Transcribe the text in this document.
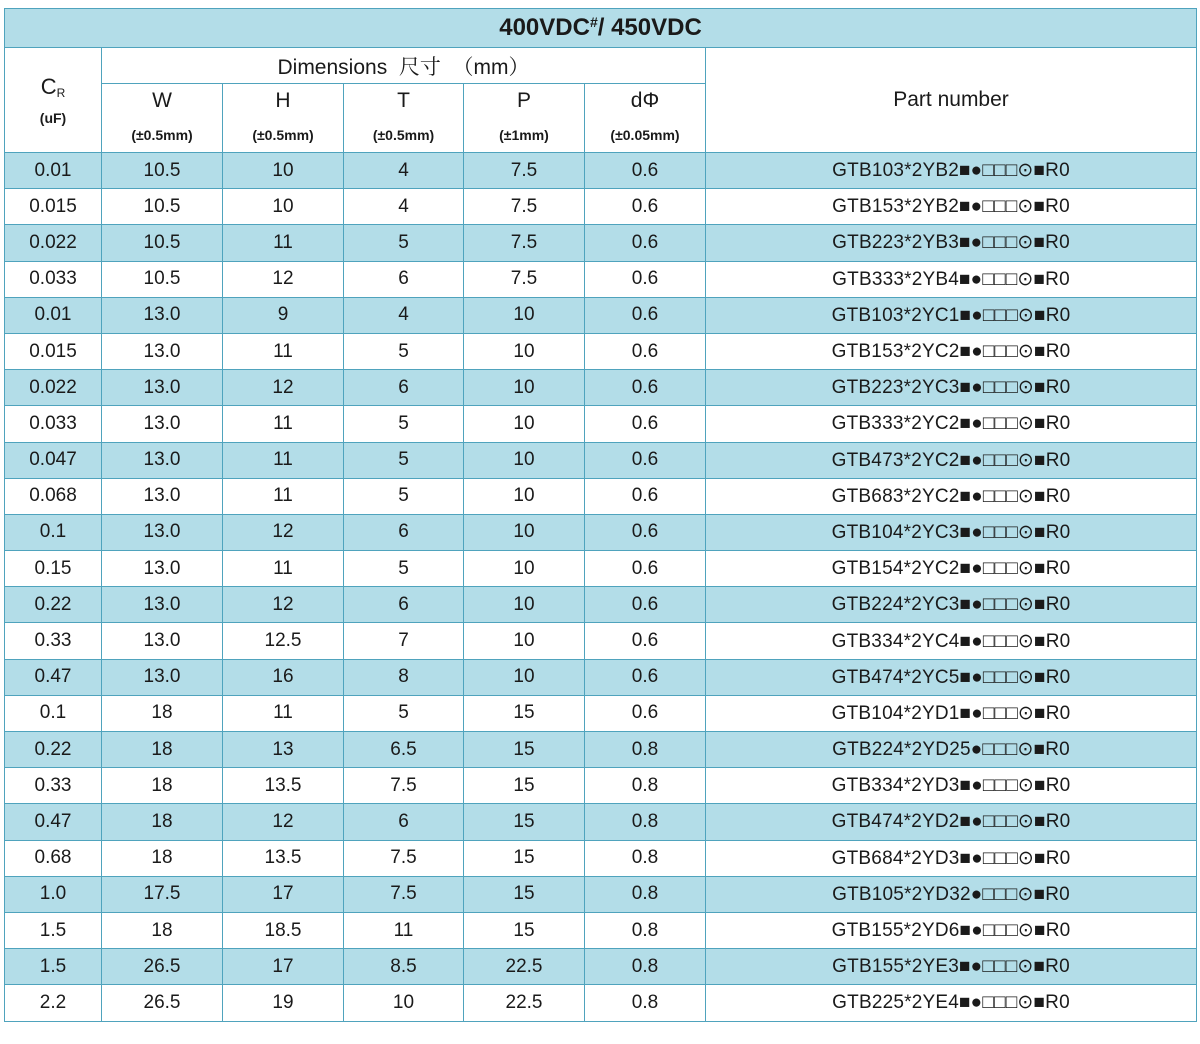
400VDC#/ 450VDC						

CR
(uF)	Dimensions  尺寸  （mm）					Part number
	W	H	T	P	dΦ	
	(±0.5mm)	(±0.5mm)	(±0.5mm)	(±1mm)	(±0.05mm)	
0.01	10.5	10	4	7.5	0.6	GTB103*2YB2■●□□□⊙■R0
0.015	10.5	10	4	7.5	0.6	GTB153*2YB2■●□□□⊙■R0
0.022	10.5	11	5	7.5	0.6	GTB223*2YB3■●□□□⊙■R0
0.033	10.5	12	6	7.5	0.6	GTB333*2YB4■●□□□⊙■R0
0.01	13.0	9	4	10	0.6	GTB103*2YC1■●□□□⊙■R0
0.015	13.0	11	5	10	0.6	GTB153*2YC2■●□□□⊙■R0
0.022	13.0	12	6	10	0.6	GTB223*2YC3■●□□□⊙■R0
0.033	13.0	11	5	10	0.6	GTB333*2YC2■●□□□⊙■R0
0.047	13.0	11	5	10	0.6	GTB473*2YC2■●□□□⊙■R0
0.068	13.0	11	5	10	0.6	GTB683*2YC2■●□□□⊙■R0
0.1	13.0	12	6	10	0.6	GTB104*2YC3■●□□□⊙■R0
0.15	13.0	11	5	10	0.6	GTB154*2YC2■●□□□⊙■R0
0.22	13.0	12	6	10	0.6	GTB224*2YC3■●□□□⊙■R0
0.33	13.0	12.5	7	10	0.6	GTB334*2YC4■●□□□⊙■R0
0.47	13.0	16	8	10	0.6	GTB474*2YC5■●□□□⊙■R0
0.1	18	11	5	15	0.6	GTB104*2YD1■●□□□⊙■R0
0.22	18	13	6.5	15	0.8	GTB224*2YD25●□□□⊙■R0
0.33	18	13.5	7.5	15	0.8	GTB334*2YD3■●□□□⊙■R0
0.47	18	12	6	15	0.8	GTB474*2YD2■●□□□⊙■R0
0.68	18	13.5	7.5	15	0.8	GTB684*2YD3■●□□□⊙■R0
1.0	17.5	17	7.5	15	0.8	GTB105*2YD32●□□□⊙■R0
1.5	18	18.5	11	15	0.8	GTB155*2YD6■●□□□⊙■R0
1.5	26.5	17	8.5	22.5	0.8	GTB155*2YE3■●□□□⊙■R0
2.2	26.5	19	10	22.5	0.8	GTB225*2YE4■●□□□⊙■R0
